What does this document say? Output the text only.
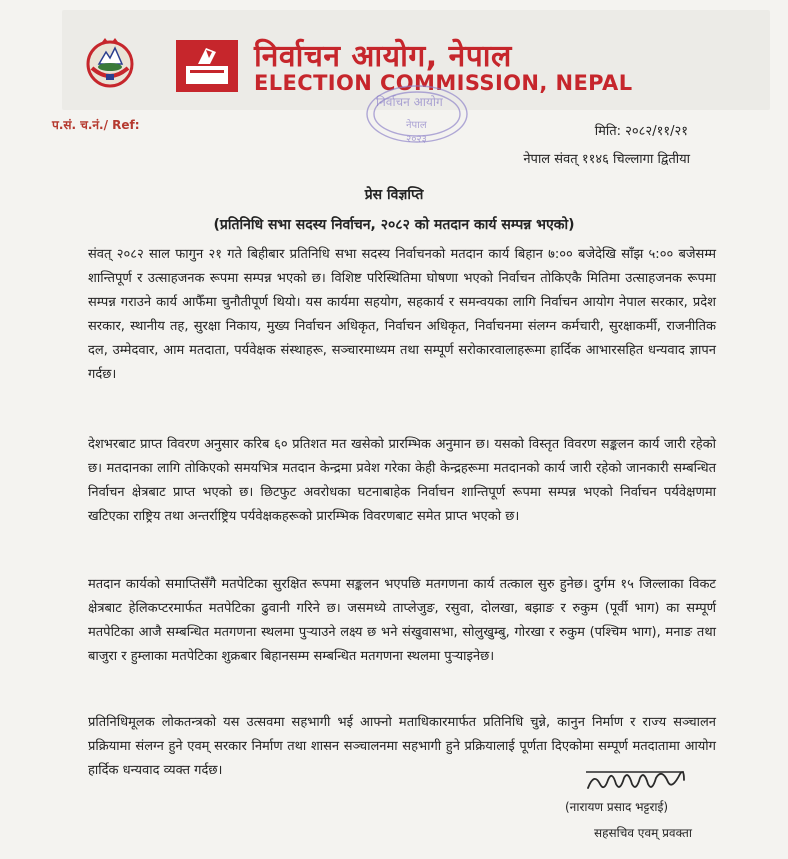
निर्वाचन आयोग, नेपाल
ELECTION COMMISSION, NEPAL
निर्वाचन आयोग
नेपाल
२०२३
प.सं. च.नं./ Ref:	मिति: २०८२/११/२१
नेपाल संवत् ११४६ चिल्लागा द्वितीया
प्रेस विज्ञप्ति
(प्रतिनिधि सभा सदस्य निर्वाचन, २०८२ को मतदान कार्य सम्पन्न भएको)
संवत् २०८२ साल फागुन २१ गते बिहीबार प्रतिनिधि सभा सदस्य निर्वाचनको मतदान कार्य बिहान ७:०० बजेदेखि साँझ ५:०० बजेसम्म शान्तिपूर्ण र उत्साहजनक रूपमा सम्पन्न भएको छ। विशिष्ट परिस्थितिमा घोषणा भएको निर्वाचन तोकिएकै मितिमा उत्साहजनक रूपमा सम्पन्न गराउने कार्य आफैँमा चुनौतीपूर्ण थियो। यस कार्यमा सहयोग, सहकार्य र समन्वयका लागि निर्वाचन आयोग नेपाल सरकार, प्रदेश सरकार, स्थानीय तह, सुरक्षा निकाय, मुख्य निर्वाचन अधिकृत, निर्वाचन अधिकृत, निर्वाचनमा संलग्न कर्मचारी, सुरक्षाकर्मी, राजनीतिक दल, उम्मेदवार, आम मतदाता, पर्यवेक्षक संस्थाहरू, सञ्चारमाध्यम तथा सम्पूर्ण सरोकारवालाहरूमा हार्दिक आभारसहित धन्यवाद ज्ञापन गर्दछ।
देशभरबाट प्राप्त विवरण अनुसार करिब ६० प्रतिशत मत खसेको प्रारम्भिक अनुमान छ। यसको विस्तृत विवरण सङ्कलन कार्य जारी रहेको छ। मतदानका लागि तोकिएको समयभित्र मतदान केन्द्रमा प्रवेश गरेका केही केन्द्रहरूमा मतदानको कार्य जारी रहेको जानकारी सम्बन्धित निर्वाचन क्षेत्रबाट प्राप्त भएको छ। छिटफुट अवरोधका घटनाबाहेक निर्वाचन शान्तिपूर्ण रूपमा सम्पन्न भएको निर्वाचन पर्यवेक्षणमा खटिएका राष्ट्रिय तथा अन्तर्राष्ट्रिय पर्यवेक्षकहरूको प्रारम्भिक विवरणबाट समेत प्राप्त भएको छ।
मतदान कार्यको समाप्तिसँगै मतपेटिका सुरक्षित रूपमा सङ्कलन भएपछि मतगणना कार्य तत्काल सुरु हुनेछ। दुर्गम १५ जिल्लाका विकट क्षेत्रबाट हेलिकप्टरमार्फत मतपेटिका ढुवानी गरिने छ। जसमध्ये ताप्लेजुङ, रसुवा, दोलखा, बझाङ र रुकुम (पूर्वी भाग) का सम्पूर्ण मतपेटिका आजै सम्बन्धित मतगणना स्थलमा पुऱ्याउने लक्ष्य छ भने संखुवासभा, सोलुखुम्बु, गोरखा र रुकुम (पश्चिम भाग), मनाङ तथा बाजुरा र हुम्लाका मतपेटिका शुक्रबार बिहानसम्म सम्बन्धित मतगणना स्थलमा पुऱ्याइनेछ।
प्रतिनिधिमूलक लोकतन्त्रको यस उत्सवमा सहभागी भई आफ्नो मताधिकारमार्फत प्रतिनिधि चुन्ने, कानुन निर्माण र राज्य सञ्चालन प्रक्रियामा संलग्न हुने एवम् सरकार निर्माण तथा शासन सञ्चालनमा सहभागी हुने प्रक्रियालाई पूर्णता दिएकोमा सम्पूर्ण मतदातामा आयोग हार्दिक धन्यवाद व्यक्त गर्दछ।
(नारायण प्रसाद भट्टराई)
सहसचिव एवम् प्रवक्ता
